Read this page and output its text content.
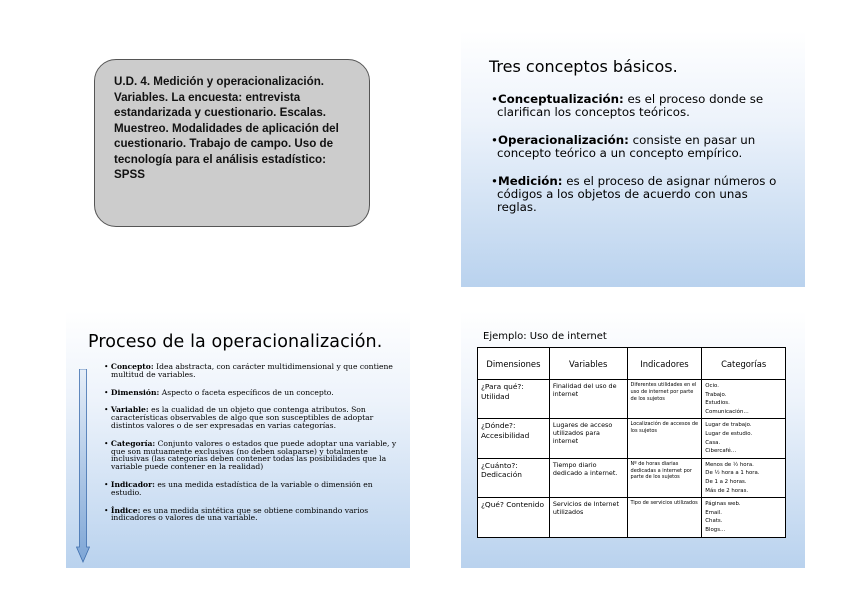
U.D. 4. Medición y operacionalización. Variables. La encuesta: entrevista estandarizada y cuestionario. Escalas. Muestreo. Modalidades de aplicación del cuestionario. Trabajo de campo. Uso de tecnología para el análisis estadístico: SPSS
Tres conceptos básicos.

•Conceptualización: es el proceso donde se clarifican los conceptos teóricos.

•Operacionalización: consiste en pasar un concepto teórico a un concepto empírico.

•Medición: es el proceso de asignar números o códigos a los objetos de acuerdo con unas reglas.

Proceso de la operacionalización.
• Concepto: Idea abstracta, con carácter multidimensional y que contiene multitud de variables.
• Dimensión: Aspecto o faceta específicos de un concepto.
• Variable: es la cualidad de un objeto que contenga atributos. Son características observables de algo que son susceptibles de adoptar distintos valores o de ser expresadas en varias categorías.
• Categoría: Conjunto valores o estados que puede adoptar una variable, y que son mutuamente exclusivas (no deben solaparse) y totalmente inclusivas (las categorías deben contener todas las posibilidades que la variable puede contener en la realidad)
• Indicador: es una medida estadística de la variable o dimensión en estudio.
• Índice: es una medida sintética que se obtiene combinando varios indicadores o valores de una variable.
Ejemplo: Uso de internet
Dimensiones	Variables	Indicadores	Categorías
¿Para qué?: Utilidad	Finalidad del uso de internet	Diferentes utilidades en el uso de internet por parte de los sujetos	Ocio.
Trabajo.
Estudios.
Comunicación…

¿Dónde?: Accesibilidad	Lugares de acceso utilizados para internet	Localización de accesos de los sujetos	Lugar de trabajo.
Lugar de estudio.
Casa.
Cibercafé…

¿Cuánto?: Dedicación	Tiempo diario dedicado a internet.	Nº de horas diarias dedicadas a internet por parte de los sujetos	Menos de ½ hora.
De ½ hora a 1 hora.
De 1 a 2 horas.
Más de 2 horas.

¿Qué? Contenido	Servicios de Internet utilizados	Tipo de servicios utilizados	Páginas web.
Email.
Chats.
Blogs…
